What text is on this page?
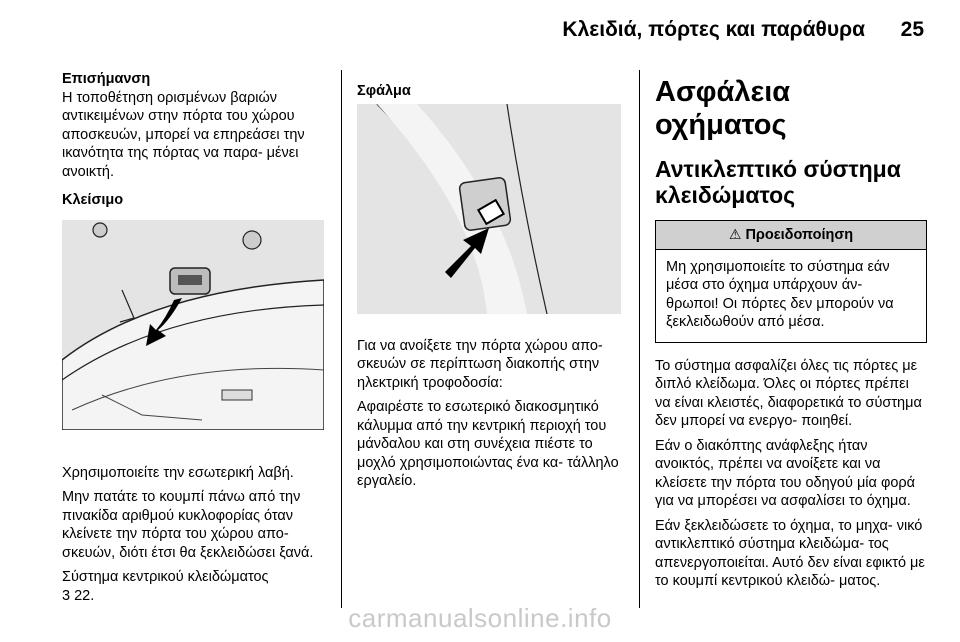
Κλειδιά, πόρτες και παράθυρα 25
Επισήμανση

Η τοποθέτηση ορισμένων βαριών αντικειμένων στην πόρτα του χώρου αποσκευών, μπορεί να επηρεάσει την ικανότητα της πόρτας να παρα- μένει ανοικτή.

Κλείσιμο

Χρησιμοποιείτε την εσωτερική λαβή.

Μην πατάτε το κουμπί πάνω από την πινακίδα αριθμού κυκλοφορίας όταν κλείνετε την πόρτα του χώρου απο- σκευών, διότι έτσι θα ξεκλειδώσει ξανά.

Σύστημα κεντρικού κλειδώματος
3 22.

Σφάλμα

Για να ανοίξετε την πόρτα χώρου απο- σκευών σε περίπτωση διακοπής στην ηλεκτρική τροφοδοσία:

Αφαιρέστε το εσωτερικό διακοσμητικό κάλυμμα από την κεντρική περιοχή του μάνδαλου και στη συνέχεια πιέστε το μοχλό χρησιμοποιώντας ένα κα- τάλληλο εργαλείο.

Ασφάλεια οχήματος
Αντικλεπτικό σύστημα κλειδώματος
⚠ Προειδοποίηση
Μη χρησιμοποιείτε το σύστημα εάν μέσα στο όχημα υπάρχουν άν- θρωποι! Οι πόρτες δεν μπορούν να ξεκλειδωθούν από μέσα.

Το σύστημα ασφαλίζει όλες τις πόρτες με διπλό κλείδωμα. Όλες οι πόρτες πρέπει να είναι κλειστές, διαφορετικά το σύστημα δεν μπορεί να ενεργο- ποιηθεί.

Εάν ο διακόπτης ανάφλεξης ήταν ανοικτός, πρέπει να ανοίξετε και να κλείσετε την πόρτα του οδηγού μία φορά για να μπορέσει να ασφαλίσει το όχημα.

Εάν ξεκλειδώσετε το όχημα, το μηχα- νικό αντικλεπτικό σύστημα κλειδώμα- τος απενεργοποιείται. Αυτό δεν είναι εφικτό με το κουμπί κεντρικού κλειδώ- ματος.

carmanualsonline.info
